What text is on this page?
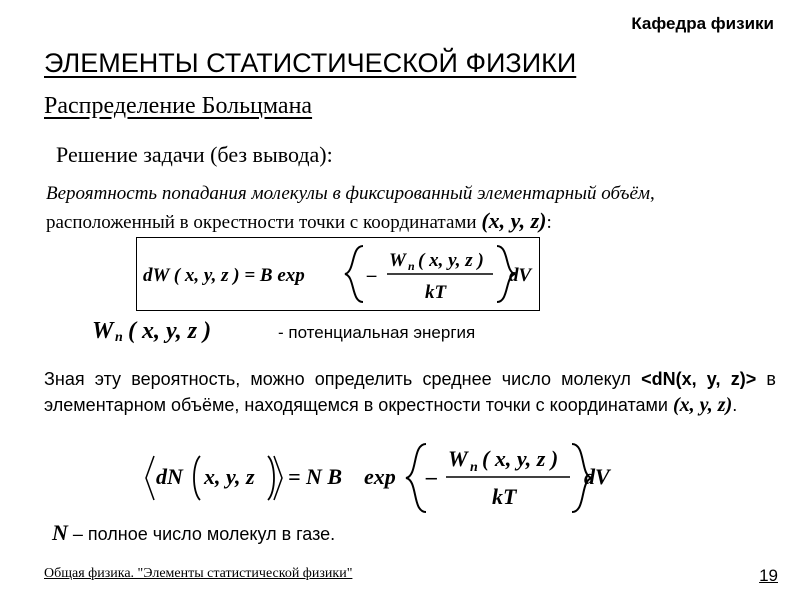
Кафедра физики
ЭЛЕМЕНТЫ СТАТИСТИЧЕСКОЙ ФИЗИКИ
Распределение Больцмана
Решение задачи (без вывода):
Вероятность попадания молекулы в фиксированный элементарный объём, расположенный в окрестности точки с координатами (x, y, z):
dW ( x, y, z ) = B exp	–
W n ( x, y, z )
kT
dV
W n ( x, y, z )	- потенциальная энергия
Зная эту вероятность, можно определить среднее число молекул <dN(x, y, z)> в элементарном объёме, находящемся в окрестности точки с координатами (x, y, z).
dN x, y, z = N B exp –
W n ( x, y, z )
kT
dV
N – полное число молекул в газе.
Общая физика. "Элементы статистической физики"	19
